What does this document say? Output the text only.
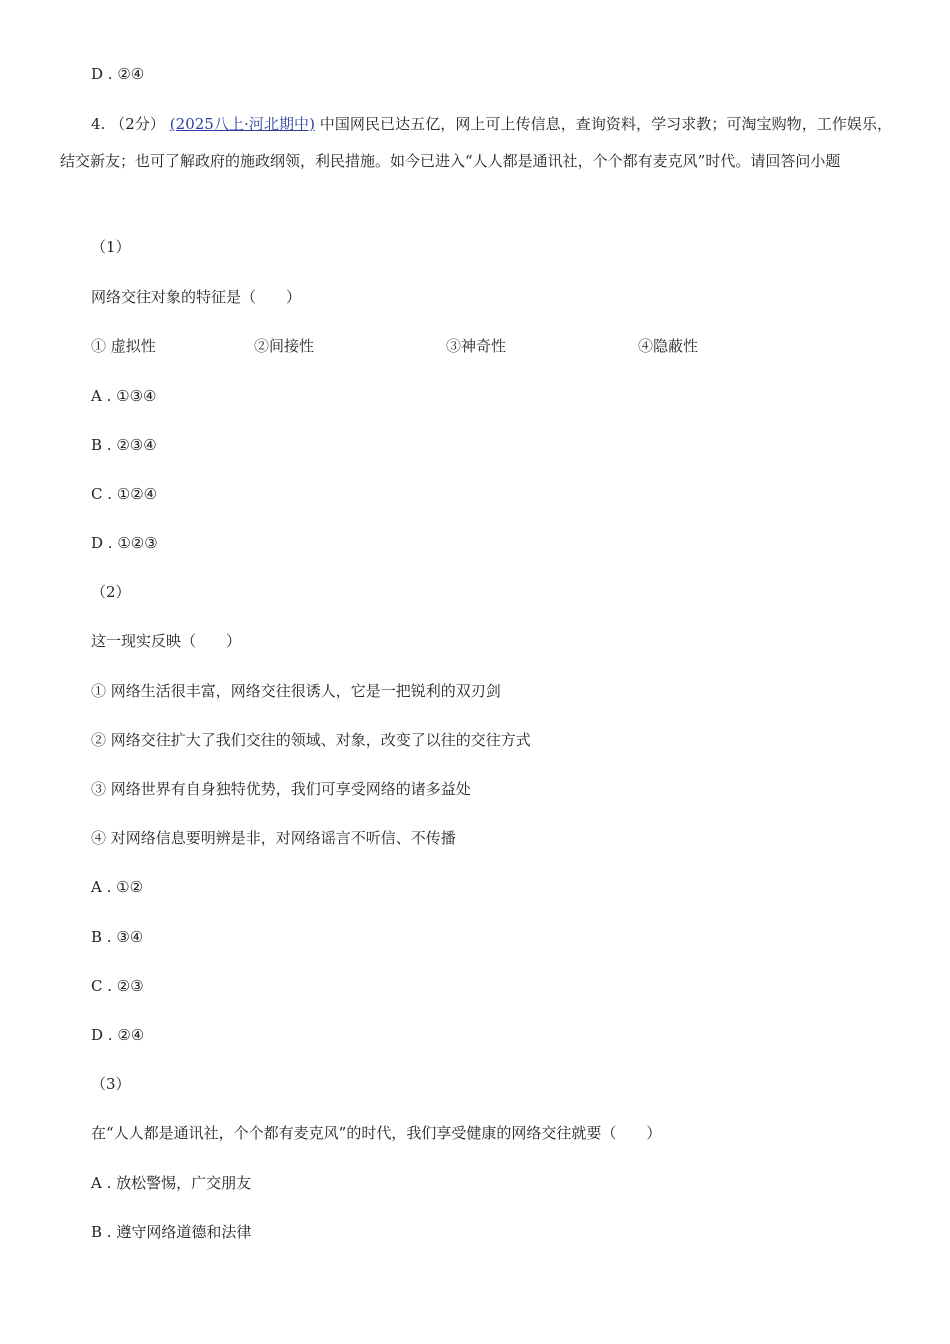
D . ②④
4. （2分） (2025八上·河北期中) 中国网民已达五亿，网上可上传信息，查询资料，学习求教；可淘宝购物，工作娱乐，结交新友；也可了解政府的施政纲领，利民措施。如今已进入“人人都是通讯社，个个都有麦克风”时代。请回答问小题
（1）
网络交往对象的特征是（　　）
① 虚拟性	②间接性	③神奇性	④隐蔽性
A . ①③④
B . ②③④
C . ①②④
D . ①②③
（2）
这一现实反映（　　）
① 网络生活很丰富，网络交往很诱人，它是一把锐利的双刃剑
② 网络交往扩大了我们交往的领域、对象，改变了以往的交往方式
③ 网络世界有自身独特优势，我们可享受网络的诸多益处
④ 对网络信息要明辨是非，对网络谣言不听信、不传播
A . ①②
B . ③④
C . ②③
D . ②④
（3）
在“人人都是通讯社，个个都有麦克风”的时代，我们享受健康的网络交往就要（　　）
A . 放松警惕，广交朋友
B . 遵守网络道德和法律
